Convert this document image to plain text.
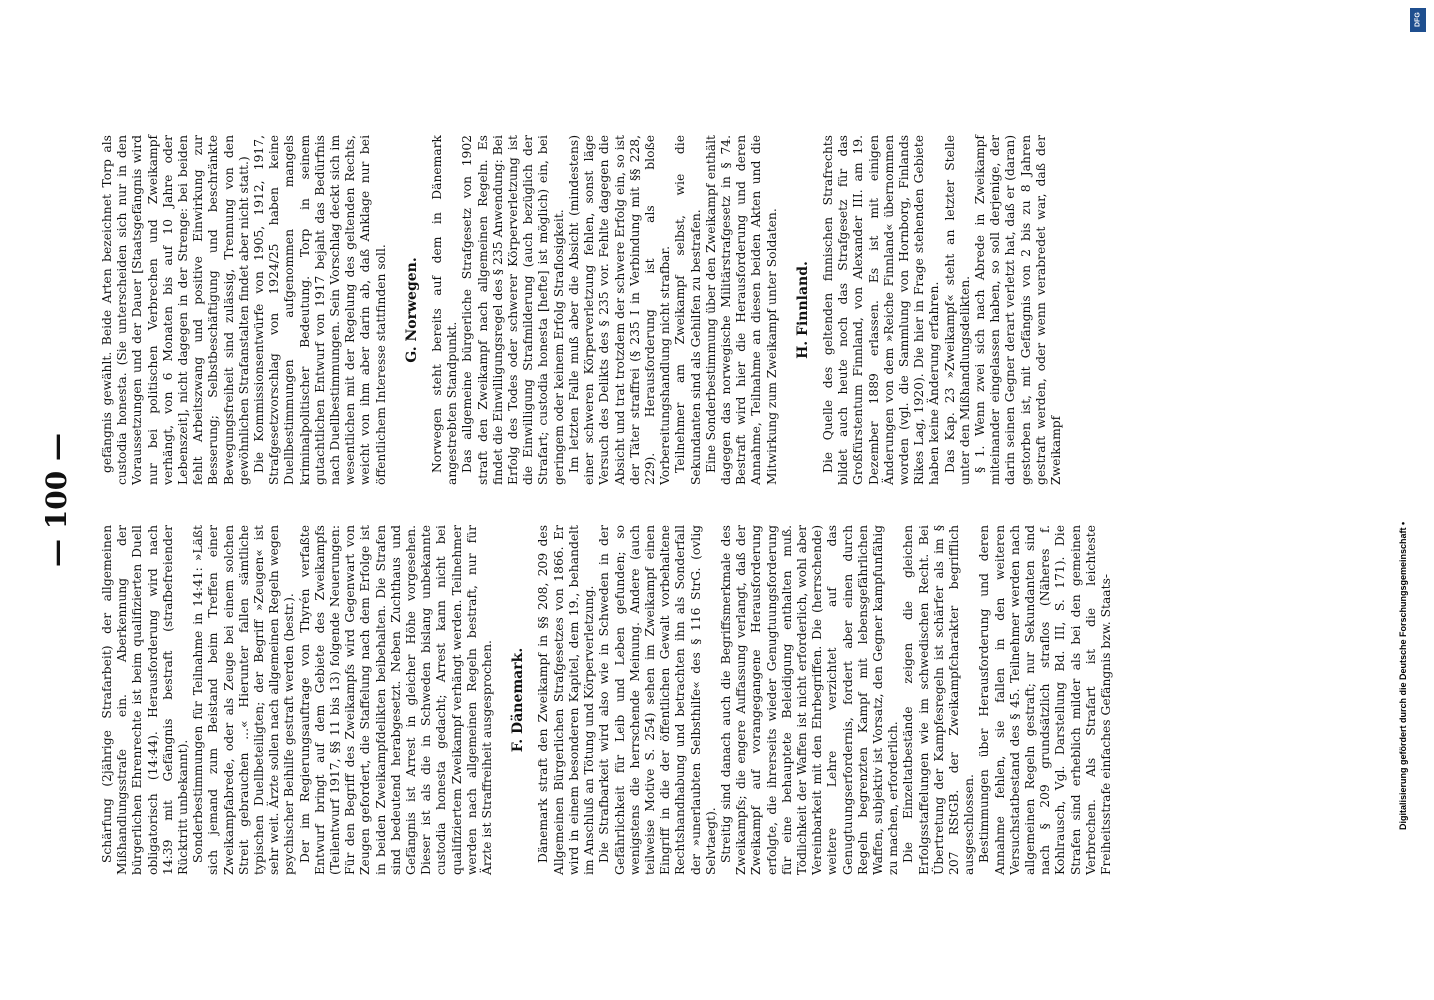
— 100 —

Schärfung (2jährige Strafarbeit) der allgemeinen Mißhandlungsstrafe ein. Aberkennung der bürgerlichen Ehrenrechte ist beim qualifizierten Duell obligatorisch (14:44). Herausforderung wird nach 14:39 mit Gefängnis bestraft (strafbefreiender Rücktritt unbekannt). Sonderbestimmungen für Teilnahme in 14:41: »Läßt sich jemand zum Beistand beim Treffen einer Zweikampfabrede, oder als Zeuge bei einem solchen Streit gebrauchen ...« Hierunter fallen sämtliche typischen Duellbeteiligten; der Begriff »Zeugen« ist sehr weit. Ärzte sollen nach allgemeinen Regeln wegen psychischer Beihilfe gestraft werden (bestr.). Der im Regierungsauftrage von Thyrén verfaßte Entwurf bringt auf dem Gebiete des Zweikampfs (Teilentwurf 1917, §§ 11 bis 13) folgende Neuerungen: Für den Begriff des Zweikampfs wird Gegenwart von Zeugen gefordert, die Staffelung nach dem Erfolge ist in beiden Zweikampfdelikten beibehalten. Die Strafen sind bedeutend herabgesetzt. Neben Zuchthaus und Gefängnis ist Arrest in gleicher Höhe vorgesehen. Dieser ist als die in Schweden bislang unbekannte custodia honesta gedacht; Arrest kann nicht bei qualifiziertem Zweikampf verhängt werden. Teilnehmer werden nach allgemeinen Regeln bestraft, nur für Ärzte ist Straffreiheit ausgesprochen. F. Dänemark. Dänemark straft den Zweikampf in §§ 208, 209 des Allgemeinen Bürgerlichen Strafgesetzes von 1866. Er wird in einem besonderen Kapitel, dem 19., behandelt im Anschluß an Tötung und Körperverletzung. Die Strafbarkeit wird also wie in Schweden in der Gefährlichkeit für Leib und Leben gefunden; so wenigstens die herrschende Meinung. Andere (auch teilweise Motive S. 254) sehen im Zweikampf einen Eingriff in die der öffentlichen Gewalt vorbehaltene Rechtshandhabung und betrachten ihn als Sonderfall der »unerlaubten Selbsthilfe« des § 116 StrG. (ovlig Selvtaegt). Streitig sind danach auch die Begriffsmerkmale des Zweikampfs; die engere Auffassung verlangt, daß der Zweikampf auf vorangegangene Herausforderung erfolgte, die ihrerseits wieder Genugtuungsforderung für eine behauptete Beleidigung enthalten muß. Tödlichkeit der Waffen ist nicht erforderlich, wohl aber Vereinbarkeit mit den Ehrbegriffen. Die (herrschende) weitere Lehre verzichtet auf das Genugtuungserfordernis, fordert aber einen durch Regeln begrenzten Kampf mit lebensgefährlichen Waffen, subjektiv ist Vorsatz, den Gegner kampfunfähig zu machen, erforderlich. Die Einzeltatbestände zeigen die gleichen Erfolgsstaffelungen wie im schwedischen Recht. Bei Übertretung der Kampfesregeln ist schärfer als im § 207 RStGB. der Zweikampfcharakter begrifflich ausgeschlossen. Bestimmungen über Herausforderung und deren Annahme fehlen, sie fallen in den weiteren Versuchstatbestand des § 45. Teilnehmer werden nach allgemeinen Regeln gestraft; nur Sekundanten sind nach § 209 grundsätzlich straflos (Näheres f. Kohlrausch, Vgl. Darstellung Bd. III, S. 171). Die Strafen sind erheblich milder als bei den gemeinen Verbrechen. Als Strafart ist die leichteste Freiheitsstrafe einfaches Gefängnis bzw. Staats-

gefängnis gewählt. Beide Arten bezeichnet Torp als custodia honesta. (Sie unterscheiden sich nur in den Voraussetzungen und der Dauer [Staatsgefängnis wird nur bei politischen Verbrechen und Zweikampf verhängt, von 6 Monaten bis auf 10 Jahre oder Lebenszeit], nicht dagegen in der Strenge: bei beiden fehlt Arbeitszwang und positive Einwirkung zur Besserung; Selbstbeschäftigung und beschränkte Bewegungsfreiheit sind zulässig, Trennung von den gewöhnlichen Strafanstalten findet aber nicht statt.) Die Kommissionsentwürfe von 1905, 1912, 1917, Strafgesetzvorschlag von 1924/25 haben keine Duellbestimmungen aufgenommen mangels kriminalpolitischer Bedeutung. Torp in seinem gutachtlichen Entwurf von 1917 bejaht das Bedürfnis nach Duellbestimmungen. Sein Vorschlag deckt sich im wesentlichen mit der Regelung des geltenden Rechts, weicht von ihm aber darin ab, daß Anklage nur bei öffentlichem Interesse stattfinden soll. G. Norwegen. Norwegen steht bereits auf dem in Dänemark angestrebten Standpunkt. Das allgemeine bürgerliche Strafgesetz von 1902 straft den Zweikampf nach allgemeinen Regeln. Es findet die Einwilligungsregel des § 235 Anwendung: Bei Erfolg des Todes oder schwerer Körperverletzung ist die Einwilligung Strafmilderung (auch bezüglich der Strafart; custodia honesta [hefte] ist möglich) ein, bei geringem oder keinem Erfolg Straflosigkeit. Im letzten Falle muß aber die Absicht (mindestens) einer schweren Körperverletzung fehlen, sonst läge Versuch des Delikts des § 235 vor. Fehlte dagegen die Absicht und trat trotzdem der schwere Erfolg ein, so ist der Täter straffrei (§ 235 I in Verbindung mit §§ 228, 229). Herausforderung ist als bloße Vorbereitungshandlung nicht strafbar. Teilnehmer am Zweikampf selbst, wie die Sekundanten sind als Gehilfen zu bestrafen. Eine Sonderbestimmung über den Zweikampf enthält dagegen das norwegische Militärstrafgesetz in § 74. Bestraft wird hier die Herausforderung und deren Annahme, Teilnahme an diesen beiden Akten und die Mitwirkung zum Zweikampf unter Soldaten. H. Finnland. Die Quelle des geltenden finnischen Strafrechts bildet auch heute noch das Strafgesetz für das Großfürstentum Finnland, von Alexander III. am 19. Dezember 1889 erlassen. Es ist mit einigen Änderungen von dem »Reiche Finnland« übernommen worden (vgl. die Sammlung von Hornborg, Finlands Rikes Lag, 1920). Die hier in Frage stehenden Gebiete haben keine Änderung erfahren. Das Kap. 23 »Zweikampf« steht an letzter Stelle unter den Mißhandlungsdelikten. § 1. Wenn zwei sich nach Abrede in Zweikampf miteinander eingelassen haben, so soll derjenige, der darin seinen Gegner derart verletzt hat, daß er (daran) gestorben ist, mit Gefängnis von 2 bis zu 8 Jahren gestraft werden, oder wenn verabredet war, daß der Zweikampf

Digitalisierung gefördert durch die Deutsche Forschungsgemeinschaft •
DFG
